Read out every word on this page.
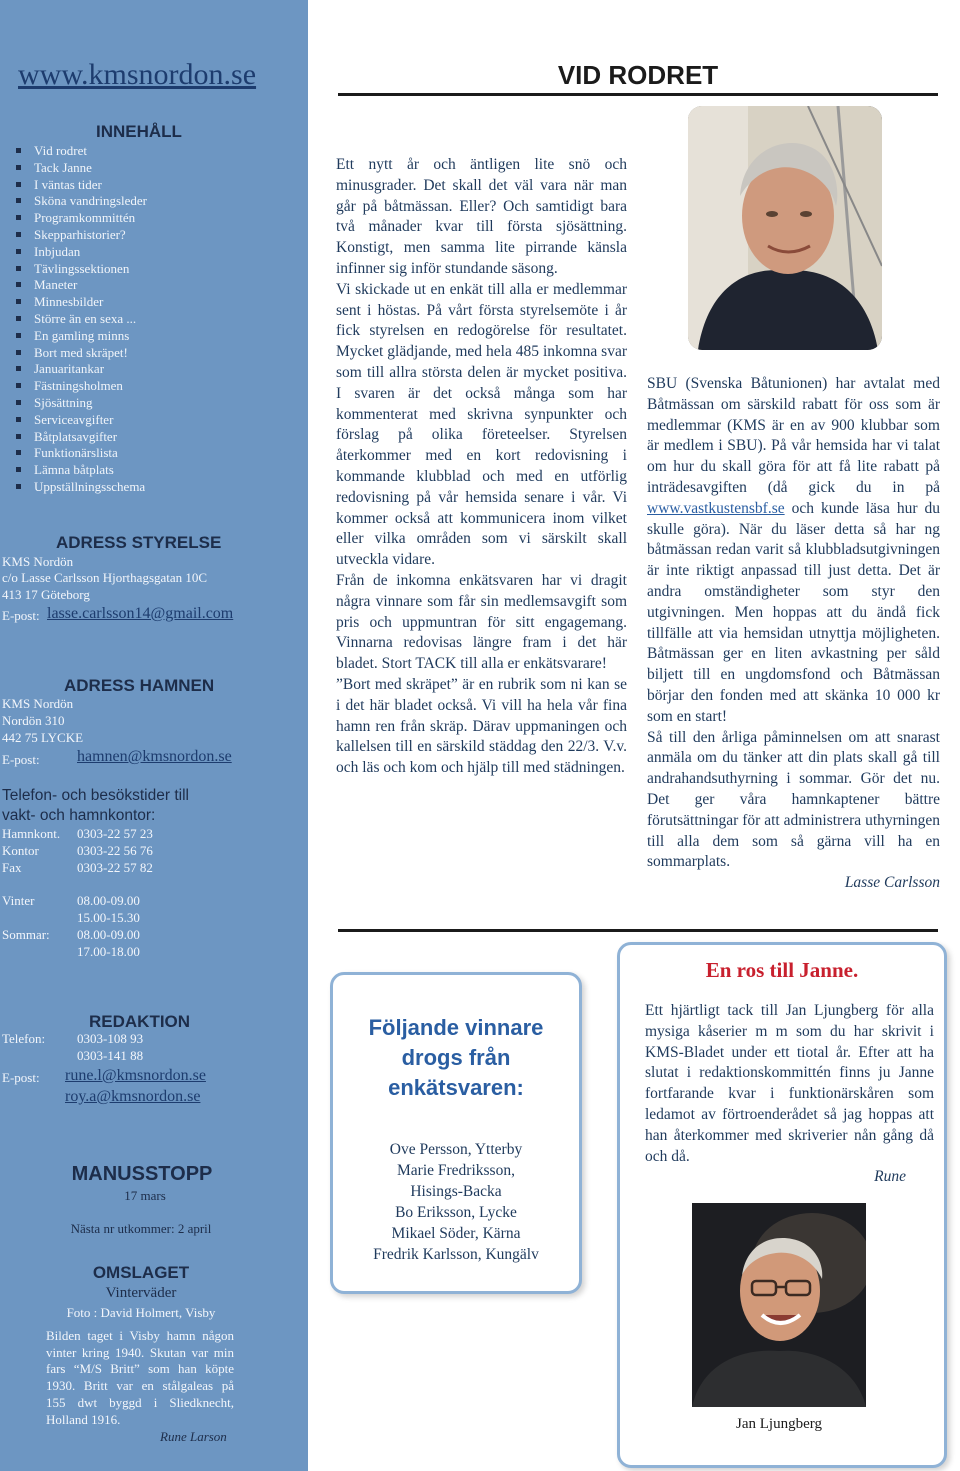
www.kmsnordon.se
INNEHÅLL
Vid rodret
Tack Janne
I väntas tider
Sköna vandringsleder
Programkommittén
Skepparhistorier?
Inbjudan
Tävlingssektionen
Maneter
Minnesbilder
Större än en sexa ...
En gamling minns
Bort med skräpet!
Januaritankar
Fästningsholmen
Sjösättning
Serviceavgifter
Båtplatsavgifter
Funktionärslista
Lämna båtplats
Uppställningsschema
ADRESS STYRELSE
KMS Nordön
c/o Lasse Carlsson Hjorthagsgatan 10C
413 17 Göteborg
E-post: lasse.carlsson14@gmail.com
ADRESS HAMNEN
KMS Nordön
Nordön 310
442 75 LYCKE
E-post: hamnen@kmsnordon.se
Telefon- och besökstider till
vakt- och hamnkontor:
Hamnkont. 0303-22 57 23
Kontor	0303-22 56 76
Fax	0303-22 57 82
Vinter	08.00-09.00
15.00-15.30
Sommar: 08.00-09.00
17.00-18.00
REDAKTION
Telefon: 0303-108 93
0303-141 88
E-post: rune.l@kmsnordon.se
roy.a@kmsnordon.se
MANUSSTOPP
17 mars
Nästa nr utkommer: 2 april
OMSLAGET
Vinterväder
Foto : David Holmert, Visby
Bilden taget i Visby hamn någon
vinter kring 1940. Skutan var min
fars “M/S Britt” som han köpte
1930. Britt var en stålgaleas på
155 dwt byggd i Sliedknecht,
Holland 1916.
Rune Larson
VID RODRET

Ett nytt år och äntligen lite snö och minusgrader. Det skall det väl vara när man går på båtmässan. Eller? Och samtidigt bara två månader kvar till första sjösättning. Konstigt, men samma lite pirrande känsla infinner sig inför stundande säsong.

Vi skickade ut en enkät till alla er medlemmar sent i höstas. På vårt första styrelsemöte i år fick styrelsen en redogörelse för resultatet. Mycket glädjande, med hela 485 inkomna svar som till allra största delen är mycket positiva. I svaren är det också många som har kommenterat med skrivna synpunkter och förslag på olika företeelser. Styrelsen återkommer med en kort redovisning i kommande klubblad och med en utförlig redovisning på vår hemsida senare i vår. Vi kommer också att kommunicera inom vilket eller vilka områden som vi särskilt skall utveckla vidare.

Från de inkomna enkätsvaren har vi dragit några vinnare som får sin medlemsavgift som pris och uppmuntran för sitt engagemang. Vinnarna redovisas längre fram i det här bladet. Stort TACK till alla er enkätsvarare!

”Bort med skräpet” är en rubrik som ni kan se i det här bladet också. Vi vill ha hela vår fina hamn ren från skräp. Därav uppmaningen och kallelsen till en särskild städdag den 22/3. V.v. och läs och kom och hjälp till med städningen.

SBU (Svenska Båtunionen) har avtalat med Båtmässan om särskild rabatt för oss som är medlemmar (KMS är en av 900 klubbar som är medlem i SBU). På vår hemsida har vi talat om hur du skall göra för att få lite rabatt på inträdesavgiften (då gick du in på www.vastkustensbf.se och kunde läsa hur du skulle göra). När du läser detta så har ng båtmässan redan varit så klubbladsutgivningen är inte riktigt anpassad till just detta. Det är andra omständigheter som styr den utgivningen. Men hoppas att du ändå fick tillfälle att via hemsidan utnyttja möjligheten. Båtmässan ger en liten avkastning per såld biljett till en ungdomsfond och Båtmässan börjar den fonden med att skänka 10 000 kr som en start!

Så till den årliga påminnelsen om att snarast anmäla om du tänker att din plats skall gå till andrahandsuthyrning i sommar. Gör det nu. Det ger våra hamnkaptener bättre förutsättningar för att administrera uthyrningen till alla dem som så gärna vill ha en sommarplats.

Lasse Carlsson
Följande vinnare drogs från enkätsvaren:
Ove Persson, Ytterby
Marie Fredriksson,
Hisings-Backa
Bo Eriksson, Lycke
Mikael Söder, Kärna
Fredrik Karlsson, Kungälv
En ros till Janne.
Ett hjärtligt tack till Jan Ljungberg för alla mysiga kåserier m m som du har skrivit i KMS-Bladet under ett tiotal år. Efter att ha slutat i redaktionskommittén finns ju Janne fortfarande kvar i funktionärskåren som ledamot av förtroenderådet så jag hoppas att han återkommer med skriverier nån gång då och då.
Rune
Jan Ljungberg
